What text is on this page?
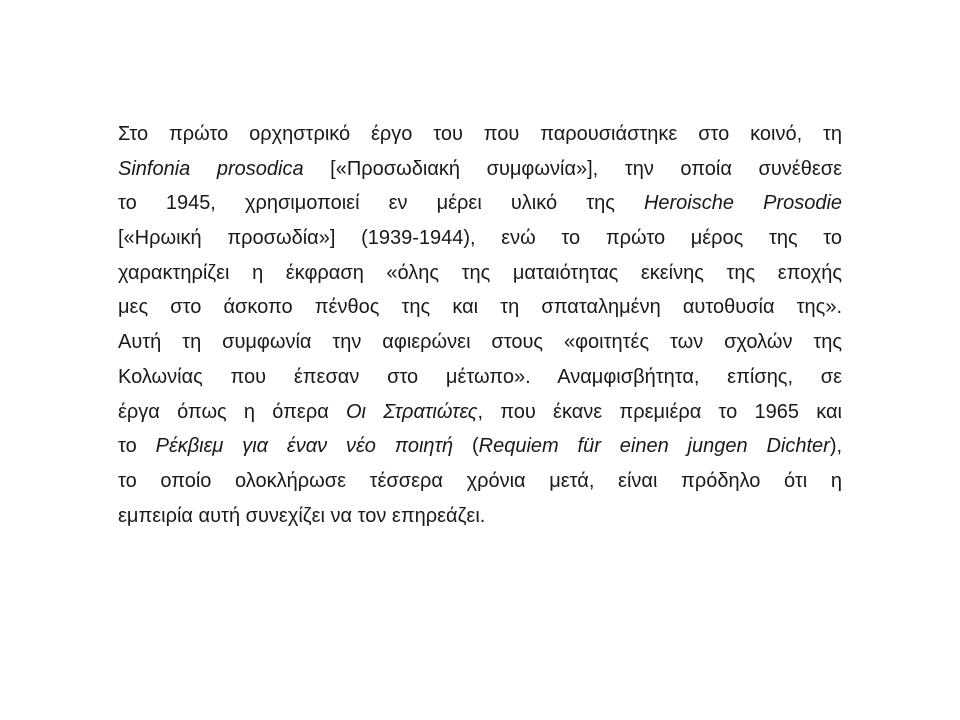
Στο πρώτο ορχηστρικό έργο του που παρουσιάστηκε στο κοινό, τη
Sinfonia prosodica [«Προσωδιακή συμφωνία»], την οποία συνέθεσε
το 1945, χρησιμοποιεί εν μέρει υλικό της Heroische Prosodie
[«Ηρωική προσωδία»] (1939-1944), ενώ το πρώτο μέρος της το
χαρακτηρίζει η έκφραση «όλης της ματαιότητας εκείνης της εποχής
μες στο άσκοπο πένθος της και τη σπαταλημένη αυτοθυσία της».
Αυτή τη συμφωνία την αφιερώνει στους «φοιτητές των σχολών της
Κολωνίας που έπεσαν στο μέτωπο». Αναμφισβήτητα, επίσης, σε
έργα όπως η όπερα Οι Στρατιώτες, που έκανε πρεμιέρα το 1965 και
το Ρέκβιεμ για έναν νέο ποιητή (Requiem für einen jungen Dichter),
το οποίο ολοκλήρωσε τέσσερα χρόνια μετά, είναι πρόδηλο ότι η
εμπειρία αυτή συνεχίζει να τον επηρεάζει.
